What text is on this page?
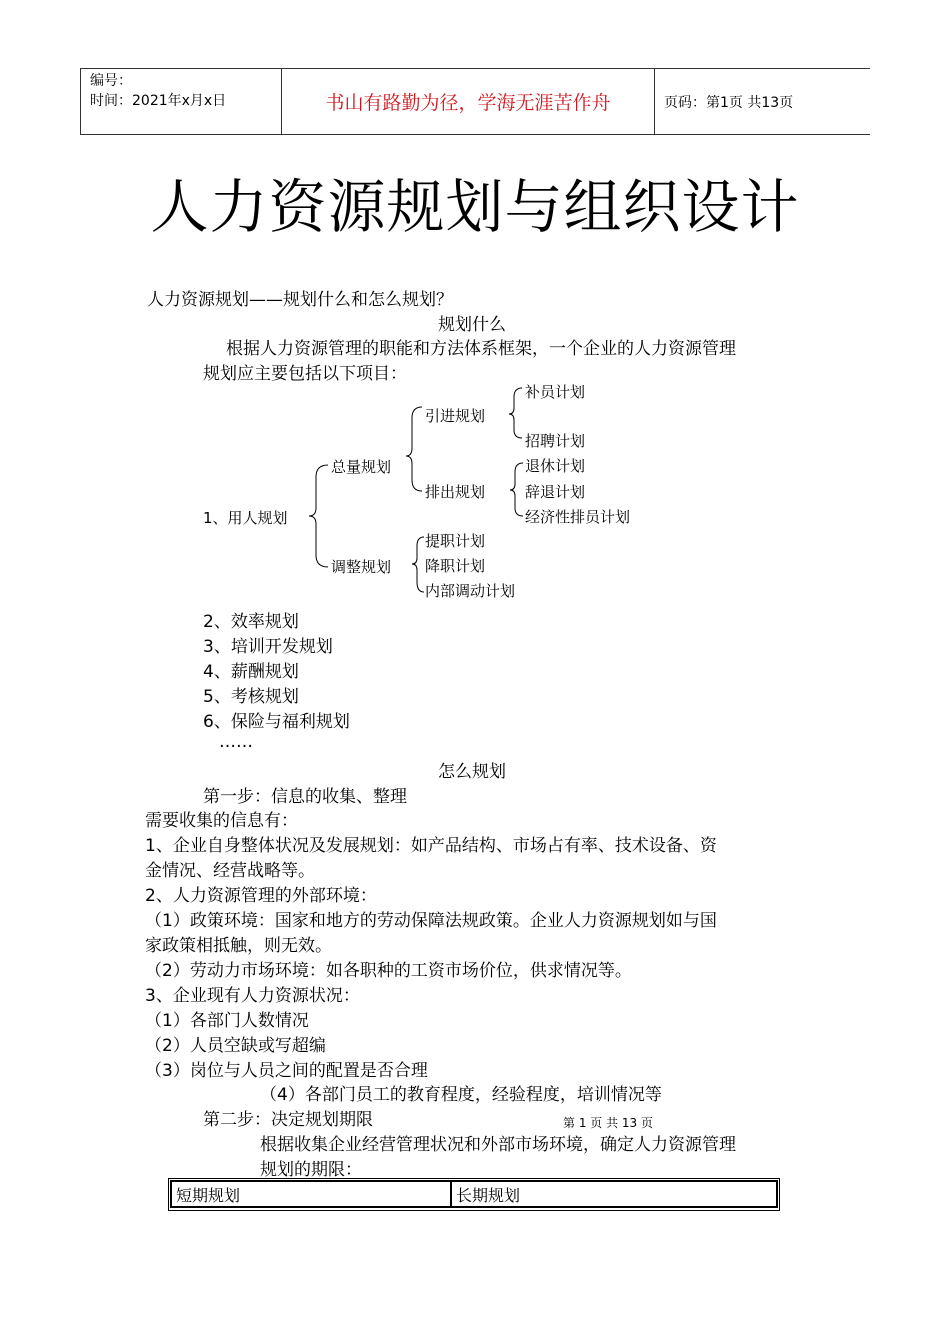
编号：
时间：2021年x月x日	书山有路勤为径，学海无涯苦作舟	页码：第1页 共13页
人力资源规划与组织设计
人力资源规划——规划什么和怎么规划？
规划什么
根据人力资源管理的职能和方法体系框架，一个企业的人力资源管理
规划应主要包括以下项目：
1、用人规划
总量规划
调整规划
引进规划
排出规划
补员计划
招聘计划
退休计划
辞退计划
经济性排员计划
提职计划
降职计划
内部调动计划
2、效率规划
3、培训开发规划
4、薪酬规划
5、考核规划
6、保险与福利规划
……
怎么规划
第一步：信息的收集、整理
需要收集的信息有：
1、企业自身整体状况及发展规划：如产品结构、市场占有率、技术设备、资
金情况、经营战略等。
2、人力资源管理的外部环境：
（1）政策环境：国家和地方的劳动保障法规政策。企业人力资源规划如与国
家政策相抵触，则无效。
（2）劳动力市场环境：如各职种的工资市场价位，供求情况等。
3、企业现有人力资源状况：
（1）各部门人数情况
（2）人员空缺或写超编
（3）岗位与人员之间的配置是否合理
（4）各部门员工的教育程度，经验程度，培训情况等
第二步：决定规划期限	第 1 页 共 13 页
根据收集企业经营管理状况和外部市场环境，确定人力资源管理
规划的期限：
短期规划	长期规划
